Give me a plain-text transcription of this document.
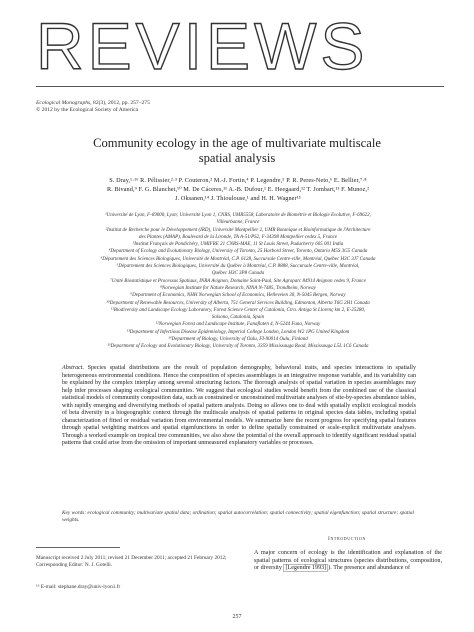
REVIEWS
Ecological Monographs, 82(3), 2012, pp. 257–275
© 2012 by the Ecological Society of America
Community ecology in the age of multivariate multiscale
spatial analysis
S. Dray,¹·¹⁶ R. Pélissier,²·³ P. Couteron,² M.-J. Fortin,⁴ P. Legendre,⁵ P. R. Peres-Neto,⁶ E. Bellier,⁷·⁸
R. Bivand,⁹ F. G. Blanchet,¹⁰ M. De Cáceres,¹¹ A.-B. Dufour,¹ E. Heegaard,¹² T. Jombart,¹³ F. Munoz,²
J. Oksanen,¹⁴ J. Thioulouse,¹ and H. H. Wagner¹⁵
¹Université de Lyon, F-69000, Lyon; Université Lyon 1, CNRS, UMR5558, Laboratoire de Biométrie et Biologie Evolutive, F-69622,
Villeurbanne, France
²Institut de Recherche pour le Développement (IRD), Université Montpellier 2, UMR Botanique et Bioinformatique de l'Architecture
des Plantes (AMAP), Boulevard de la Lironde, TA A-51/PS2, F-34398 Montpellier cedex 5, France
³Institut Français de Pondichéry, UMIFRE 21 CNRS-MAE, 11 St Louis Street, Puducherry 605 001 India
⁴Department of Ecology and Evolutionary Biology, University of Toronto, 25 Harbord Street, Toronto, Ontario M5S 3G5 Canada
⁵Département des Sciences Biologiques, Université de Montréal, C.P. 6128, Succursale Centre-ville, Montréal, Québec H3C 3J7 Canada
⁶Département des Sciences Biologiques, Université du Québec à Montréal, C.P. 8888, Succursale Centre-ville, Montréal,
Québec H3C 3P8 Canada
⁷Unité Biostatistique et Processus Spatiaux, INRA Avignon, Domaine Saint-Paul, Site Agroparc 84914 Avignon cedex 9, France
⁸Norwegian Institute for Nature Research, NINA N-7485, Trondheim, Norway
⁹Department of Economics, NHH Norwegian School of Economics, Helleveien 30, N-5045 Bergen, Norway
¹⁰Department of Renewable Resources, University of Alberta, 751 General Services Building, Edmonton, Alberta T6G 2H1 Canada
¹¹Biodiversity and Landscape Ecology Laboratory, Forest Science Center of Catalonia, Ctra. Antiga St Llorenç km 2, E-25280,
Solsona, Catalonia, Spain
¹²Norwegian Forest and Landscape Institute, Fanaflaten 4, N-5244 Fana, Norway
¹³Department of Infectious Disease Epidemiology, Imperial College London, London W2 1PG United Kingdom
¹⁴Department of Biology, University of Oulu, FI-90014 Oulu, Finland
¹⁵Department of Ecology and Evolutionary Biology, University of Toronto, 3359 Mississauga Road, Mississauga L5L 1C6 Canada
Abstract. Species spatial distributions are the result of population demography, behavioral traits, and species interactions in spatially heterogeneous environmental conditions. Hence the composition of species assemblages is an integrative response variable, and its variability can be explained by the complex interplay among several structuring factors. The thorough analysis of spatial variation in species assemblages may help infer processes shaping ecological communities. We suggest that ecological studies would benefit from the combined use of the classical statistical models of community composition data, such as constrained or unconstrained multivariate analyses of site-by-species abundance tables, with rapidly emerging and diversifying methods of spatial pattern analysis. Doing so allows one to deal with spatially explicit ecological models of beta diversity in a biogeographic context through the multiscale analysis of spatial patterns in original species data tables, including spatial characterization of fitted or residual variation from environmental models. We summarize here the recent progress for specifying spatial features through spatial weighting matrices and spatial eigenfunctions in order to define spatially constrained or scale-explicit multivariate analyses. Through a worked example on tropical tree communities, we also show the potential of the overall approach to identify significant residual spatial patterns that could arise from the omission of important unmeasured explanatory variables or processes.
Key words: ecological community; multivariate spatial data; ordination; spatial autocorrelation; spatial connectivity; spatial eigenfunction; spatial structure; spatial weights.
Manuscript received 2 July 2011; revised 21 December 2011; accepted 21 February 2012; Corresponding Editor: N. J. Gotelli.
¹⁶ E-mail: stephane.dray@univ-lyon1.fr
Introduction
A major concern of ecology is the identification and explanation of the spatial patterns of ecological structures (species distributions, composition, or diversity [Legendre 1993] ). The presence and abundance of
257
